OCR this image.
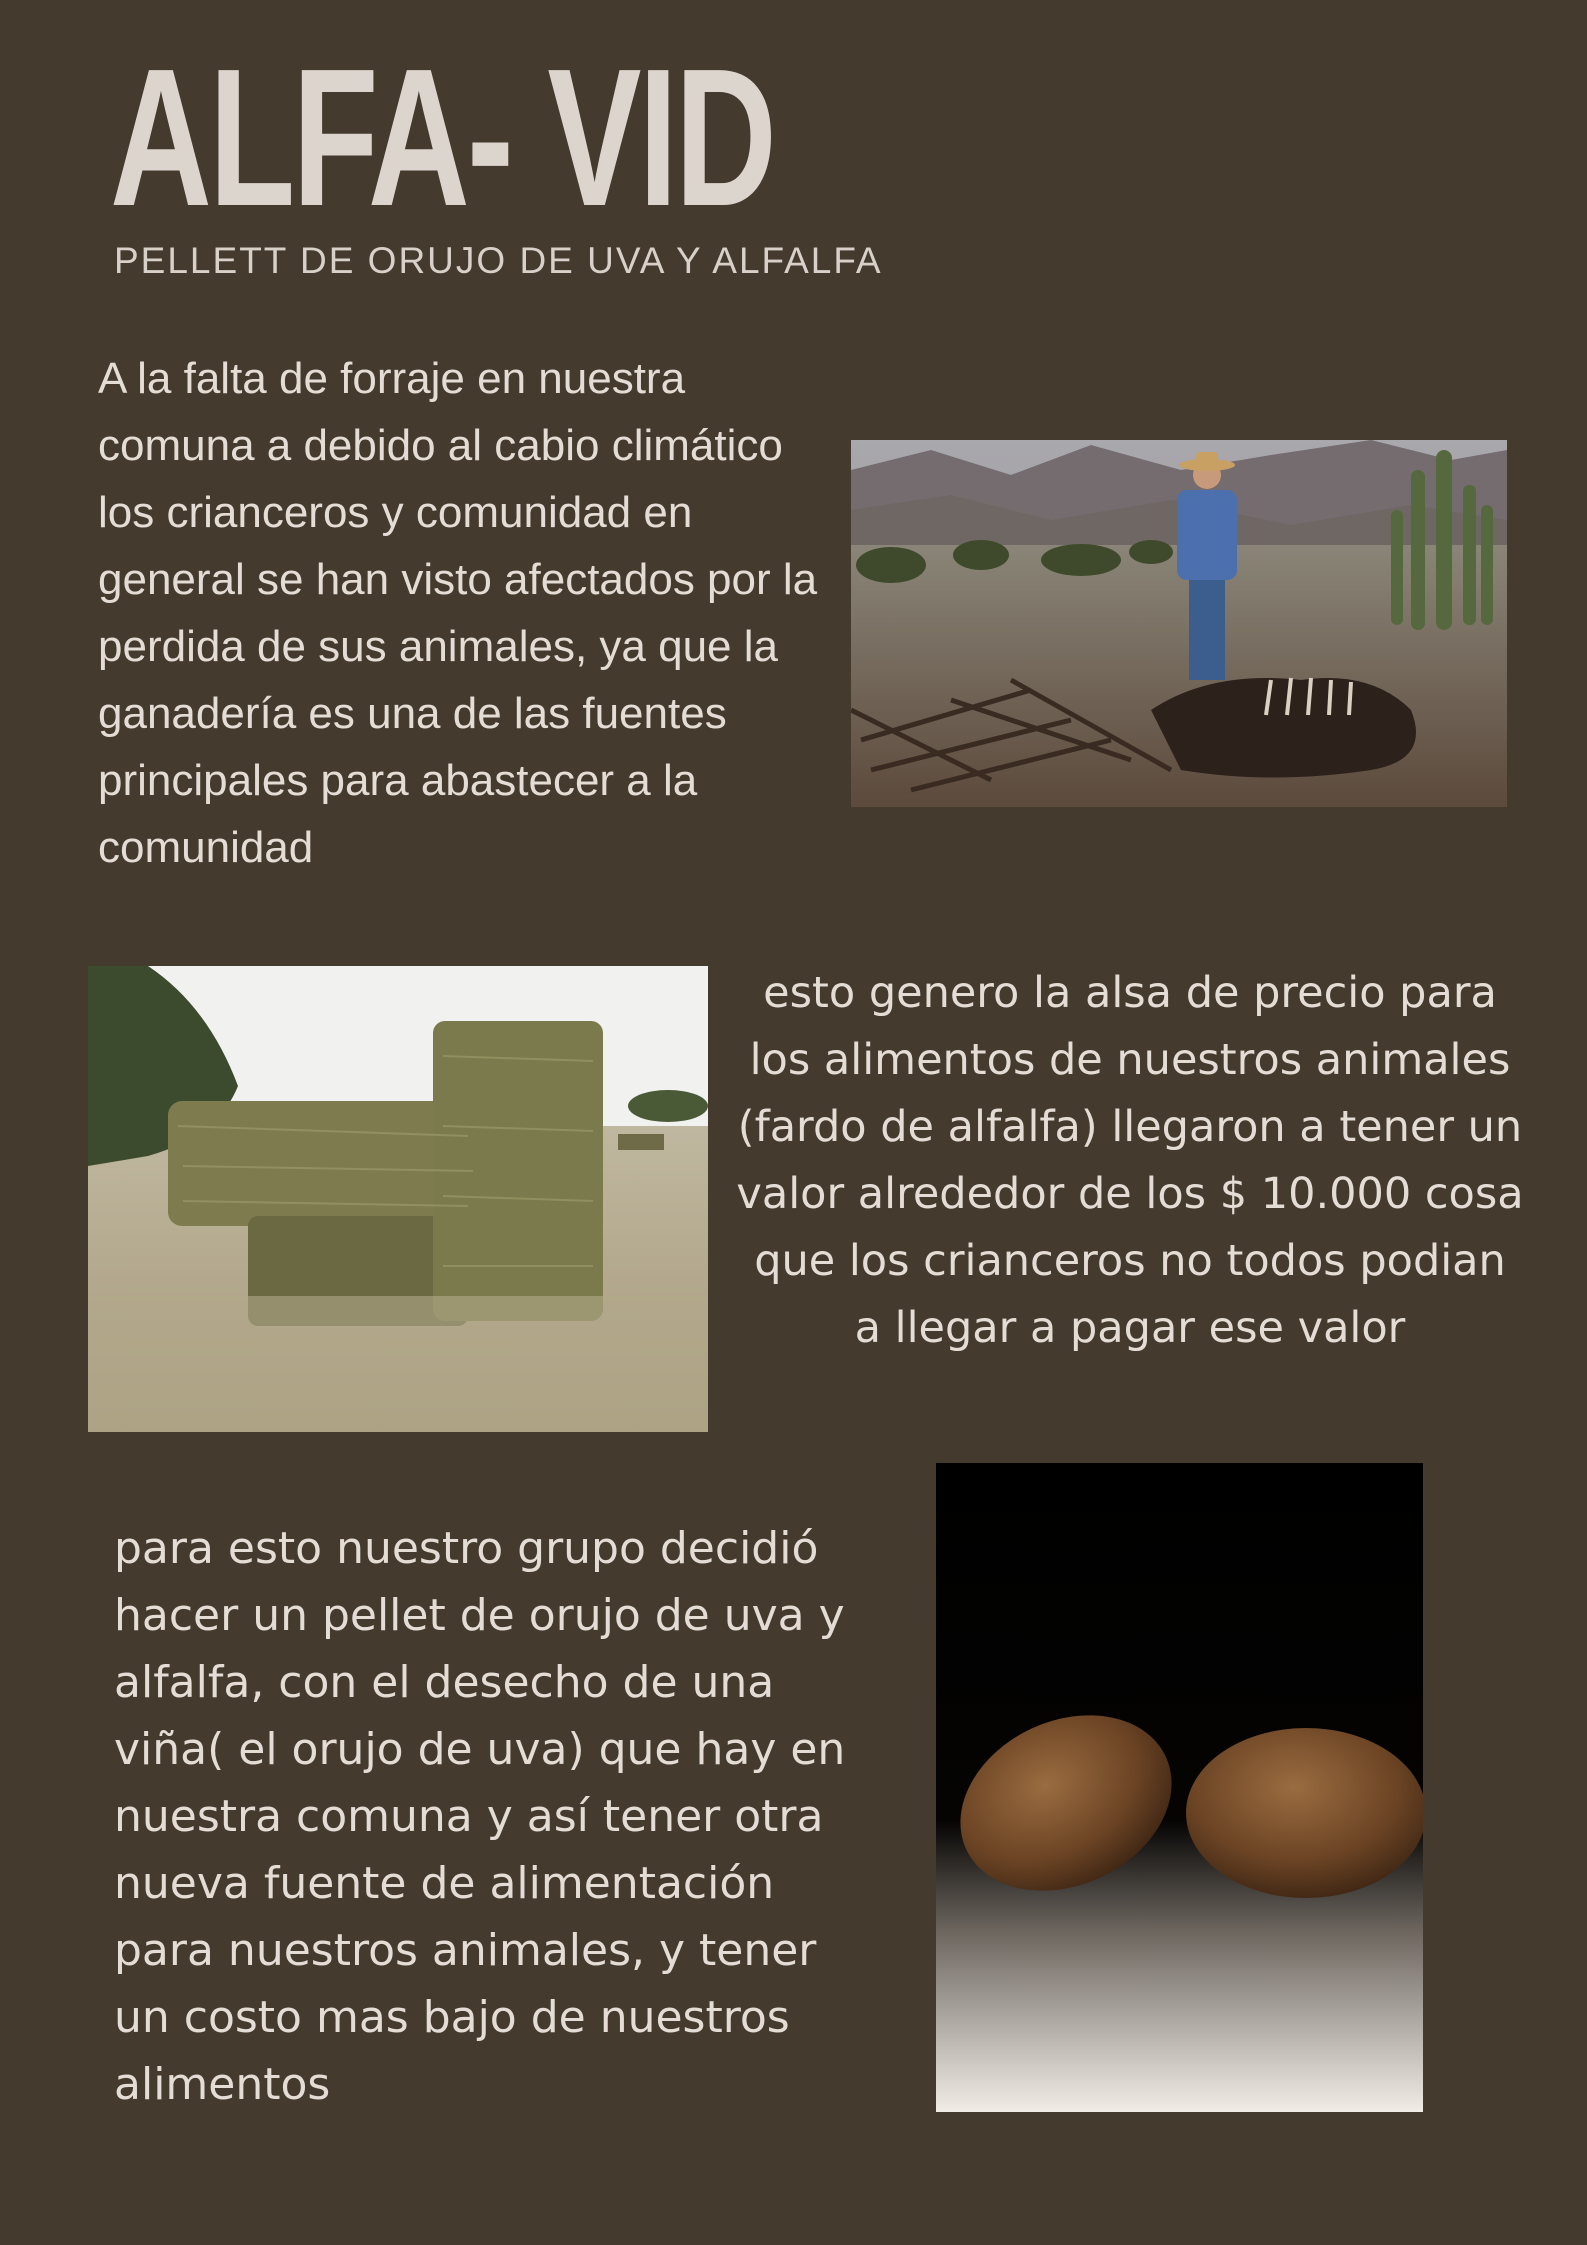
ALFA- VID
PELLETT DE ORUJO DE UVA Y ALFALFA

A la falta de forraje en nuestra comuna a debido al cabio climático los crianceros y comunidad en general se han visto afectados por la perdida de sus animales, ya que la ganadería es una de las fuentes principales para abastecer a la comunidad

esto genero la alsa de precio para los alimentos de nuestros animales (fardo de alfalfa) llegaron a tener un valor alrededor de los $ 10.000 cosa que los crianceros no todos podian a llegar a pagar ese valor

para esto nuestro grupo decidió hacer un pellet de orujo de uva y alfalfa, con el desecho de una viña( el orujo de uva) que hay en nuestra comuna y así tener otra nueva fuente de alimentación para nuestros animales, y tener un costo mas bajo de nuestros alimentos
